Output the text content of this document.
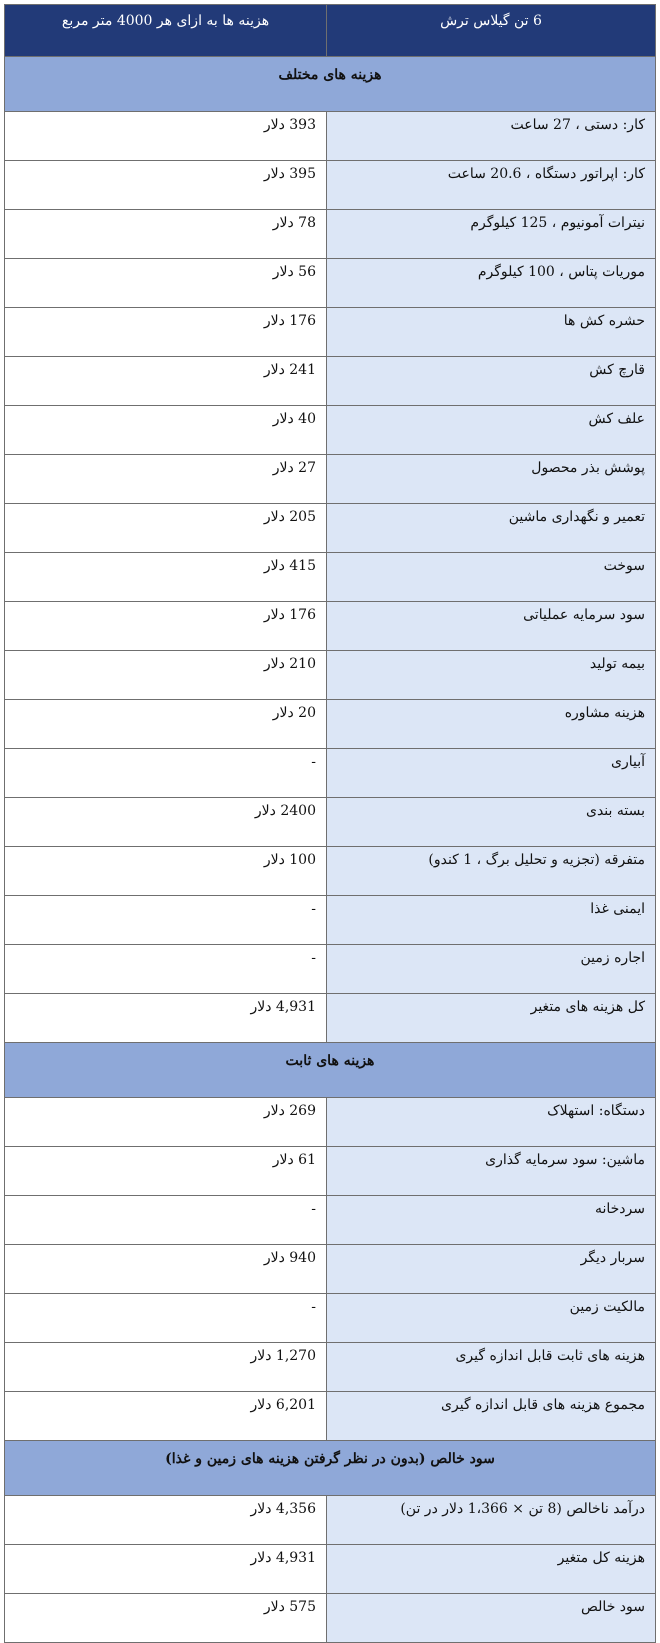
6 تن گیلاس ترش	هزینه ها به ازای هر 4000 متر مربع
هزینه های مختلف	
کار: دستی ، 27 ساعت	393 دلار
کار: اپراتور دستگاه ، 20.6 ساعت	395 دلار
نیترات آمونیوم ، 125 کیلوگرم	78 دلار
موریات پتاس ، 100 کیلوگرم	56 دلار
حشره کش ها	176 دلار
قارچ کش	241 دلار
علف کش	40 دلار
پوشش بذر محصول	27 دلار
تعمیر و نگهداری ماشین	205 دلار
سوخت	415 دلار
سود سرمایه عملیاتی	176 دلار
بیمه تولید	210 دلار
هزینه مشاوره	20 دلار
آبیاری	-
بسته بندی	2400 دلار
متفرقه (تجزیه و تحلیل برگ ، 1 کندو)	100 دلار
ایمنی غذا	-
اجاره زمین	-
کل هزینه های متغیر	4,931 دلار
هزینه های ثابت	
دستگاه: استهلاک	269 دلار
ماشین: سود سرمایه گذاری	61 دلار
سردخانه	-
سربار دیگر	940 دلار
مالکیت زمین	-
هزینه های ثابت قابل اندازه گیری	1,270 دلار
مجموع هزینه های قابل اندازه گیری	6,201 دلار
سود خالص (بدون در نظر گرفتن هزینه های زمین و غذا)	
درآمد ناخالص (8 تن × 1،366 دلار در تن)	4,356 دلار
هزینه کل متغیر	4,931 دلار
سود خالص	575 دلار
